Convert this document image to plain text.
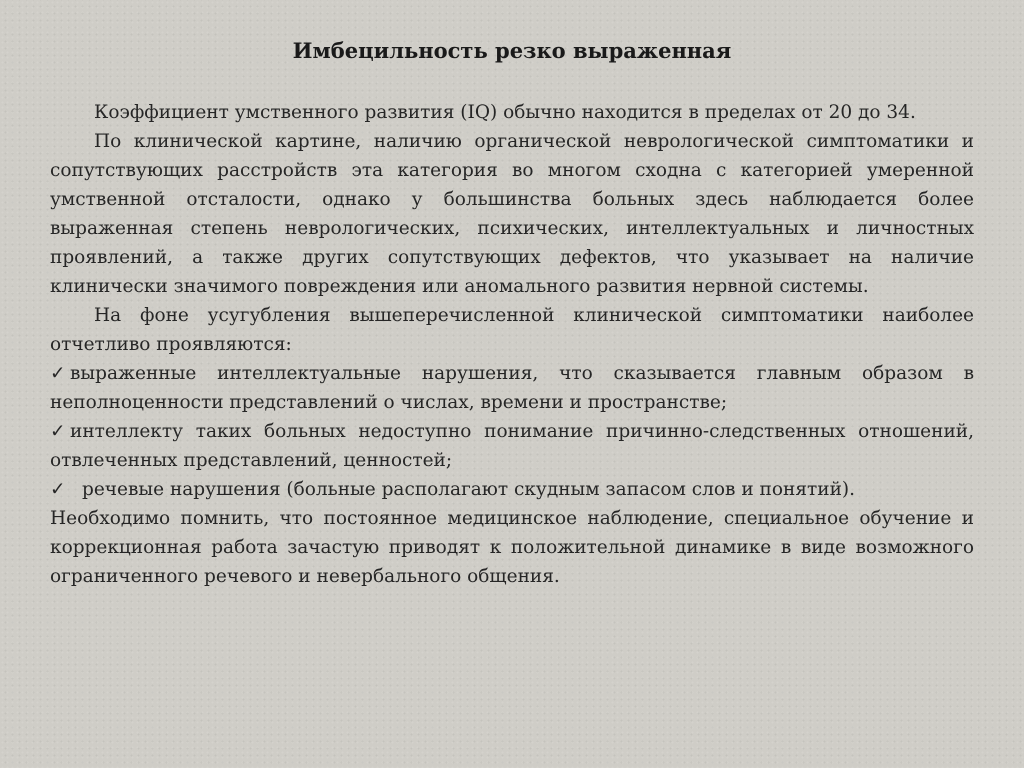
Имбецильность резко выраженная

Коэффициент умственного развития (IQ) обычно находится в пределах от 20 до 34.

По клинической картине, наличию органической неврологической симптоматики и сопутствующих расстройств эта категория во многом сходна с категорией умеренной умственной отсталости, однако у большинства больных здесь наблюдается более выраженная степень неврологических, психических, интеллектуальных и личностных проявлений, а также других сопутствующих дефектов, что указывает на наличие клинически значимого повреждения или аномального развития нервной системы.

На фоне усугубления вышеперечисленной клинической симптоматики наиболее отчетливо проявляются:

✓ выраженные интеллектуальные нарушения, что сказывается главным образом в неполноценности представлений о числах, времени и пространстве;

✓ интеллекту таких больных недоступно понимание причинно-следственных отношений, отвлеченных представлений, ценностей;

✓ речевые нарушения (больные располагают скудным запасом слов и понятий).

Необходимо помнить, что постоянное медицинское наблюдение, специальное обучение и коррекционная работа зачастую приводят к положительной динамике в виде возможного ограниченного речевого и невербального общения.
